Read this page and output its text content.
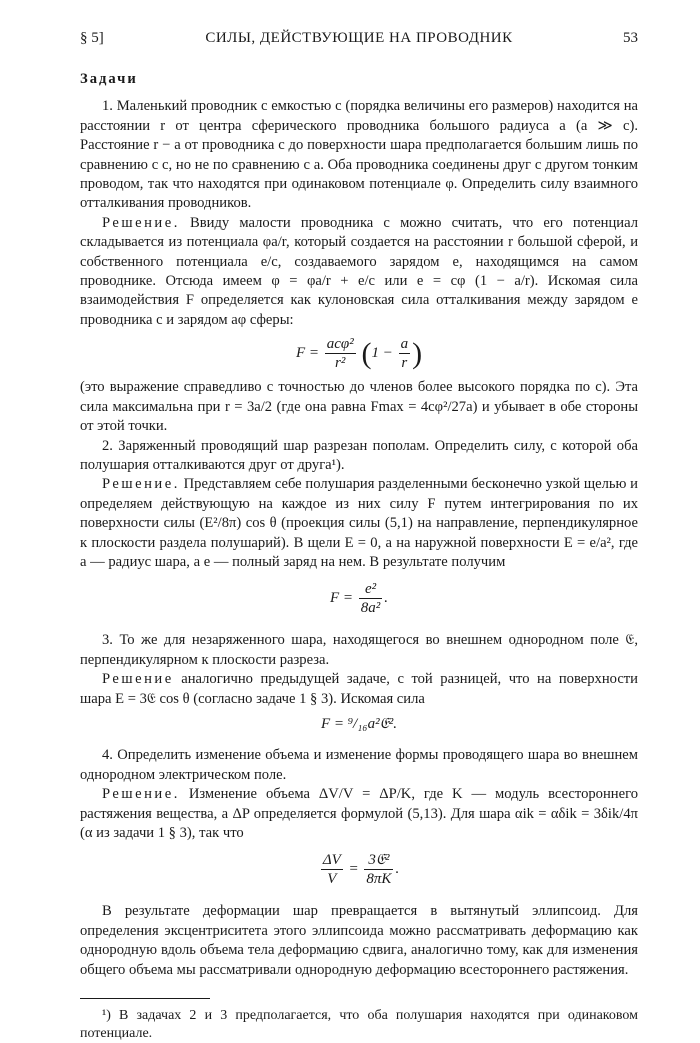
§ 5]	СИЛЫ, ДЕЙСТВУЮЩИЕ НА ПРОВОДНИК	53
Задачи

1. Маленький проводник с емкостью c (порядка величины его размеров) находится на расстоянии r от центра сферического проводника большого радиуса a (a ≫ c). Расстояние r − a от проводника c до поверхности шара предполагается большим лишь по сравнению с c, но не по сравнению с a. Оба проводника соединены друг с другом тонким проводом, так что находятся при одинаковом потенциале φ. Определить силу взаимного отталкивания проводников.

Решение. Ввиду малости проводника c можно считать, что его потенциал складывается из потенциала φa/r, который создается на расстоянии r большой сферой, и собственного потенциала e/c, создаваемого зарядом e, находящимся на самом проводнике. Отсюда имеем φ = φa/r + e/c или e = cφ (1 − a/r). Искомая сила взаимодействия F определяется как кулоновская сила отталкивания между зарядом e проводника c и зарядом aφ сферы:

$F = \frac{\text{acφ²}}{\text{r²}} (1 - \frac{a}{r}$ )

(это выражение справедливо с точностью до членов более высокого порядка по c). Эта сила максимальна при r = 3a/2 (где она равна Fmax = 4cφ²/27a) и убывает в обе стороны от этой точки.

2. Заряженный проводящий шар разрезан пополам. Определить силу, с которой оба полушария отталкиваются друг от друга¹).

Решение. Представляем себе полушария разделенными бесконечно узкой щелью и определяем действующую на каждое из них силу F путем интегрирования по их поверхности силы (E²/8π) cos θ (проекция силы (5,1) на направление, перпендикулярное к плоскости раздела полушарий). В щели E = 0, а на наружной поверхности E = e/a², где a — радиус шара, а e — полный заряд на нем. В результате получим

$F = \frac{\text{e²}}{\text{8a²}}$ .

3. То же для незаряженного шара, находящегося во внешнем однородном поле 𝔈, перпендикулярном к плоскости разреза.

Решение аналогично предыдущей задаче, с той разницей, что на поверхности шара E = 3𝔈 cos θ (согласно задаче 1 § 3). Искомая сила

F = ⁹/₁₆a²𝔈².

4. Определить изменение объема и изменение формы проводящего шара во внешнем однородном электрическом поле.

Решение. Изменение объема ΔV/V = ΔP/K, где K — модуль всестороннего растяжения вещества, а ΔP определяется формулой (5,13). Для шара αik = αδik = 3δik/4π (α из задачи 1 § 3), так что

$\frac{\Delta V}{V} = \frac{\text{3𝔈²}}{8\pi K}$ .

В результате деформации шар превращается в вытянутый эллипсоид. Для определения эксцентриситета этого эллипсоида можно рассматривать деформацию как однородную вдоль объема тела деформацию сдвига, аналогично тому, как для изменения общего объема мы рассматривали однородную деформацию всестороннего растяжения.

¹) В задачах 2 и 3 предполагается, что оба полушария находятся при одинаковом потенциале.
